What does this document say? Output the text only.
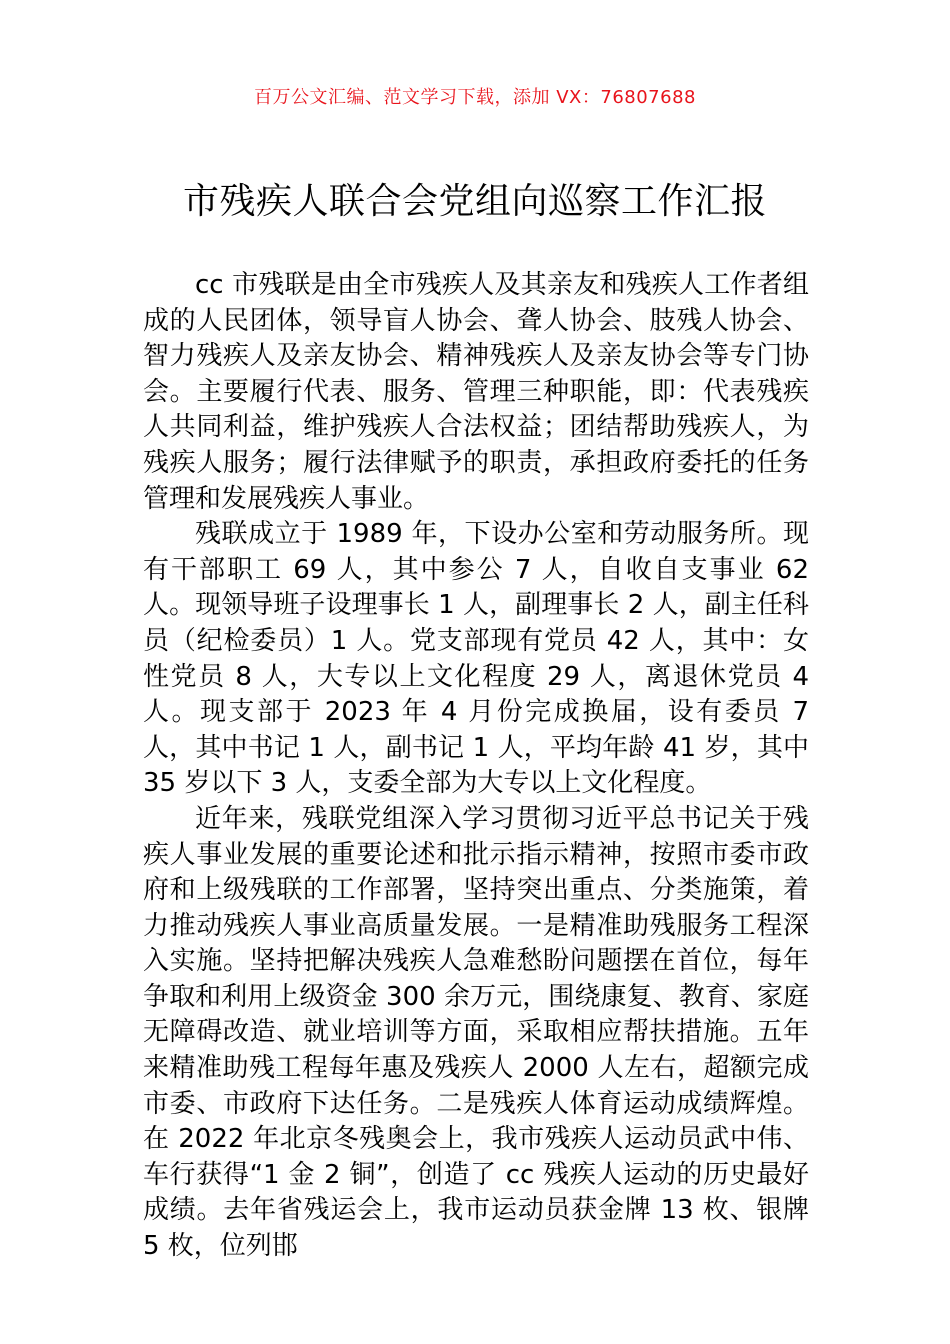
百万公文汇编、范文学习下载，添加 VX：76807688
市残疾人联合会党组向巡察工作汇报

cc 市残联是由全市残疾人及其亲友和残疾人工作者组成的人民团体，领导盲人协会、聋人协会、肢残人协会、智力残疾人及亲友协会、精神残疾人及亲友协会等专门协会。主要履行代表、服务、管理三种职能，即：代表残疾人共同利益，维护残疾人合法权益；团结帮助残疾人，为残疾人服务；履行法律赋予的职责，承担政府委托的任务管理和发展残疾人事业。

残联成立于 1989 年，下设办公室和劳动服务所。现有干部职工 69 人，其中参公 7 人，自收自支事业 62 人。现领导班子设理事长 1 人，副理事长 2 人，副主任科员（纪检委员）1 人。党支部现有党员 42 人，其中：女性党员 8 人，大专以上文化程度 29 人，离退休党员 4 人。现支部于 2023 年 4 月份完成换届，设有委员 7 人，其中书记 1 人，副书记 1 人，平均年龄 41 岁，其中 35 岁以下 3 人，支委全部为大专以上文化程度。

近年来，残联党组深入学习贯彻习近平总书记关于残疾人事业发展的重要论述和批示指示精神，按照市委市政府和上级残联的工作部署，坚持突出重点、分类施策，着力推动残疾人事业高质量发展。一是精准助残服务工程深入实施。坚持把解决残疾人急难愁盼问题摆在首位，每年争取和利用上级资金 300 余万元，围绕康复、教育、家庭无障碍改造、就业培训等方面，采取相应帮扶措施。五年来精准助残工程每年惠及残疾人 2000 人左右，超额完成市委、市政府下达任务。二是残疾人体育运动成绩辉煌。在 2022 年北京冬残奥会上，我市残疾人运动员武中伟、车行获得“1 金 2 铜”，创造了 cc 残疾人运动的历史最好成绩。去年省残运会上，我市运动员获金牌 13 枚、银牌 5 枚，位列邯
